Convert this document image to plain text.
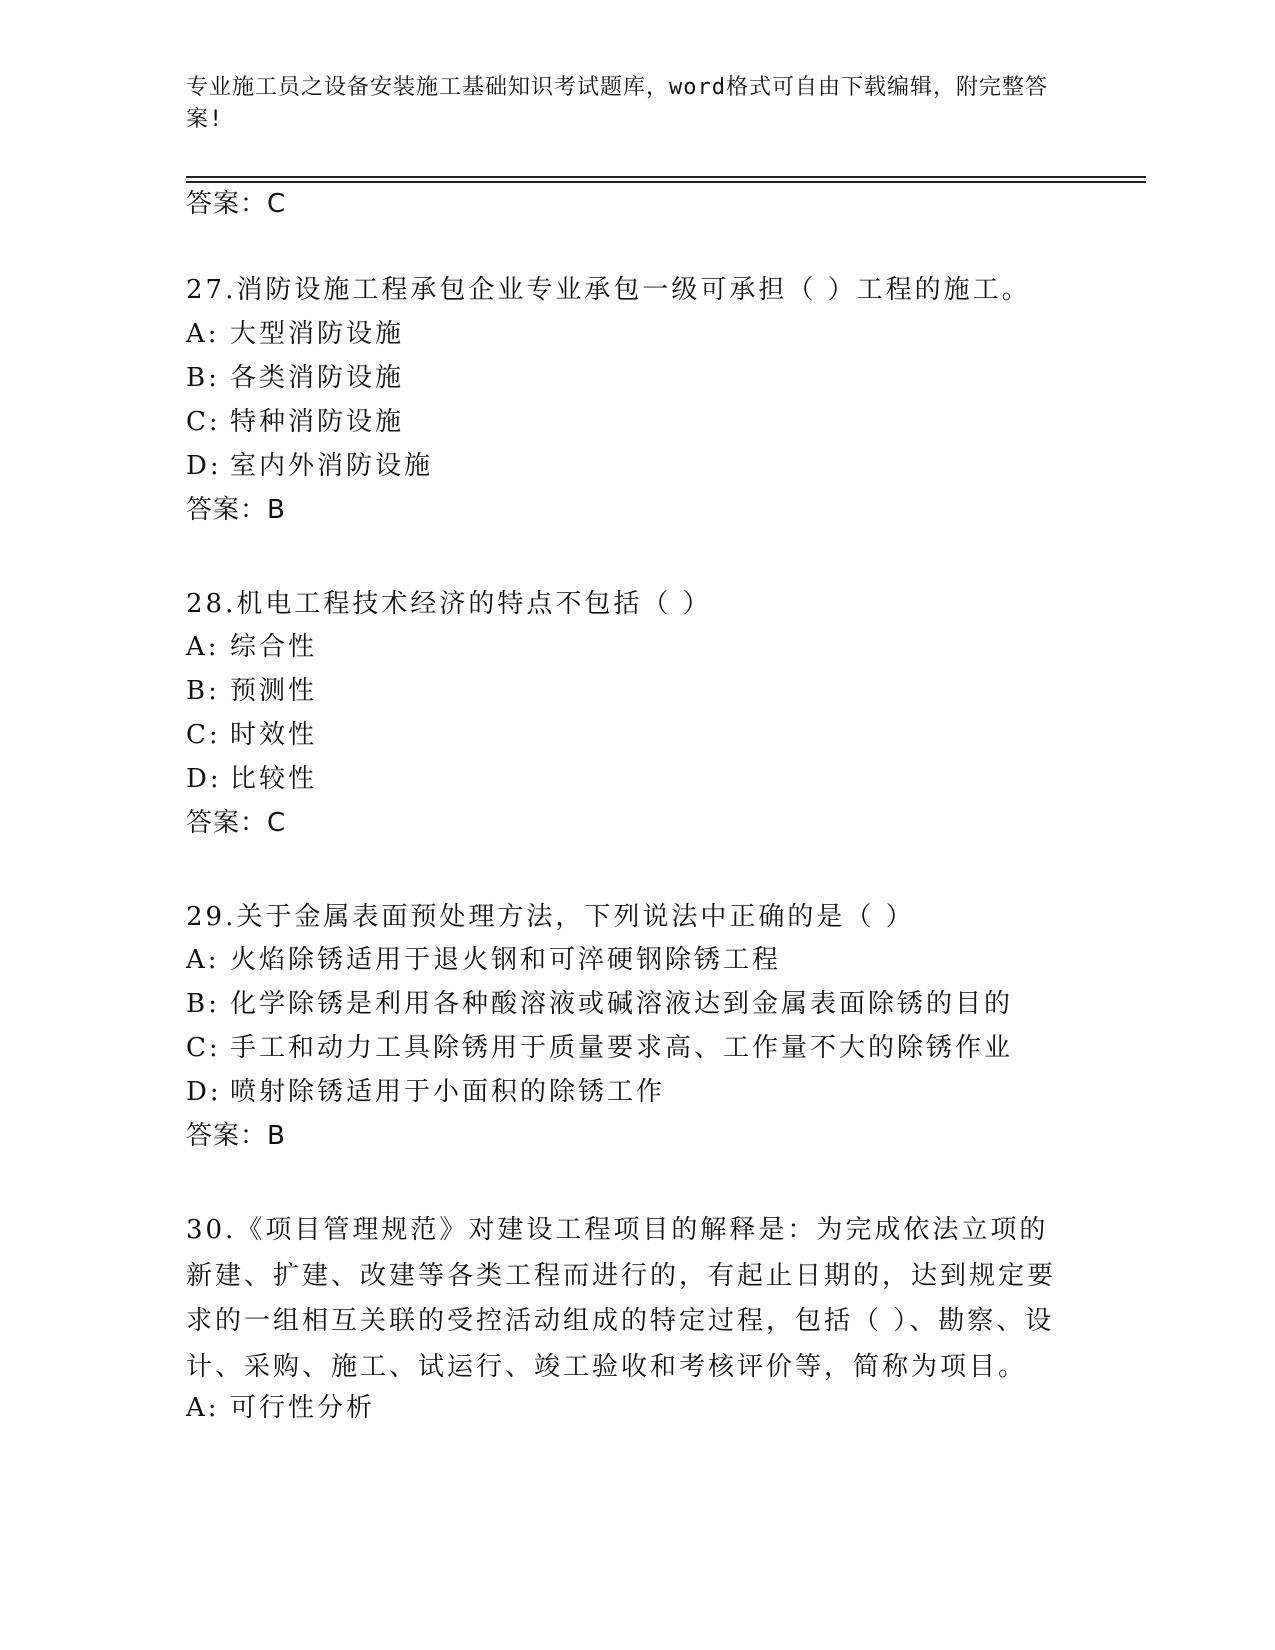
专业施工员之设备安装施工基础知识考试题库，word格式可自由下载编辑，附完整答案!
答案：C
27.消防设施工程承包企业专业承包一级可承担（ ）工程的施工。
A: 大型消防设施
B: 各类消防设施
C: 特种消防设施
D: 室内外消防设施
答案：B
28.机电工程技术经济的特点不包括（ ）
A: 综合性
B: 预测性
C: 时效性
D: 比较性
答案：C
29.关于金属表面预处理方法，下列说法中正确的是（ ）
A: 火焰除锈适用于退火钢和可淬硬钢除锈工程
B: 化学除锈是利用各种酸溶液或碱溶液达到金属表面除锈的目的
C: 手工和动力工具除锈用于质量要求高、工作量不大的除锈作业
D: 喷射除锈适用于小面积的除锈工作
答案：B
30.《项目管理规范》对建设工程项目的解释是：为完成依法立项的新建、扩建、改建等各类工程而进行的，有起止日期的，达到规定要求的一组相互关联的受控活动组成的特定过程，包括（ ）、勘察、设计、采购、施工、试运行、竣工验收和考核评价等，简称为项目。
A: 可行性分析
